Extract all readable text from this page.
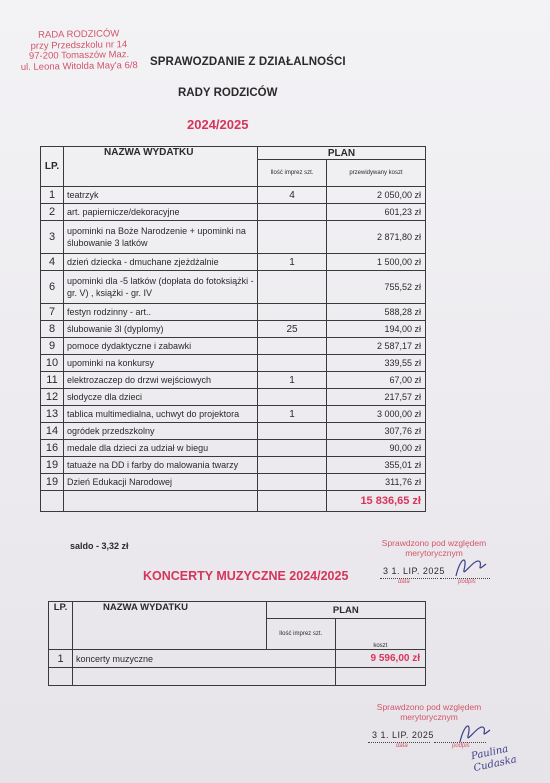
RADA RODZICÓW
przy Przedszkolu nr 14
97-200 Tomaszów Maz.
ul. Leona Witolda May'a 6/8 SPRAWOZDANIE Z DZIAŁALNOŚCI
RADY RODZICÓW
2024/2025
LP.	NAZWA WYDATKU	PLAN	
		Ilość imprez szt.	przewidywany koszt
1	teatrzyk	4	2 050,00 zł
2	art. papiernicze/dekoracyjne		601,23 zł
3	upominki na Boże Narodzenie + upominki na ślubowanie 3 latków		2 871,80 zł
4	dzień dziecka - dmuchane zjeżdżalnie	1	1 500,00 zł
6	upominki dla -5 latków (dopłata do fotoksiążki - gr. V) , książki - gr. IV		755,52 zł
7	festyn rodzinny - art..		588,28 zł
8	ślubowanie 3l (dyplomy)	25	194,00 zł
9	pomoce dydaktyczne i zabawki		2 587,17 zł
10	upominki na konkursy		339,55 zł
11	elektrozaczep do drzwi wejściowych	1	67,00 zł
12	słodycze dla dzieci		217,57 zł
13	tablica multimedialna, uchwyt do projektora	1	3 000,00 zł
14	ogródek przedszkolny		307,76 zł
16	medale dla dzieci za udział w biegu		90,00 zł
19	tatuaże na DD i farby do malowania twarzy		355,01 zł
19	Dzień Edukacji Narodowej		311,76 zł
			15 836,65 zł
saldo - 3,32 zł	Sprawdzono pod względem merytorycznym
3 1. LIP. 2025
data	podpis
KONCERTY MUZYCZNE 2024/2025
LP.	NAZWA WYDATKU	PLAN	
		Ilość imprez szt.	koszt
1	koncerty muzyczne		9 596,00 zł

Sprawdzono pod względem merytorycznym
3 1. LIP. 2025
data	podpis Paulina Cudaska
